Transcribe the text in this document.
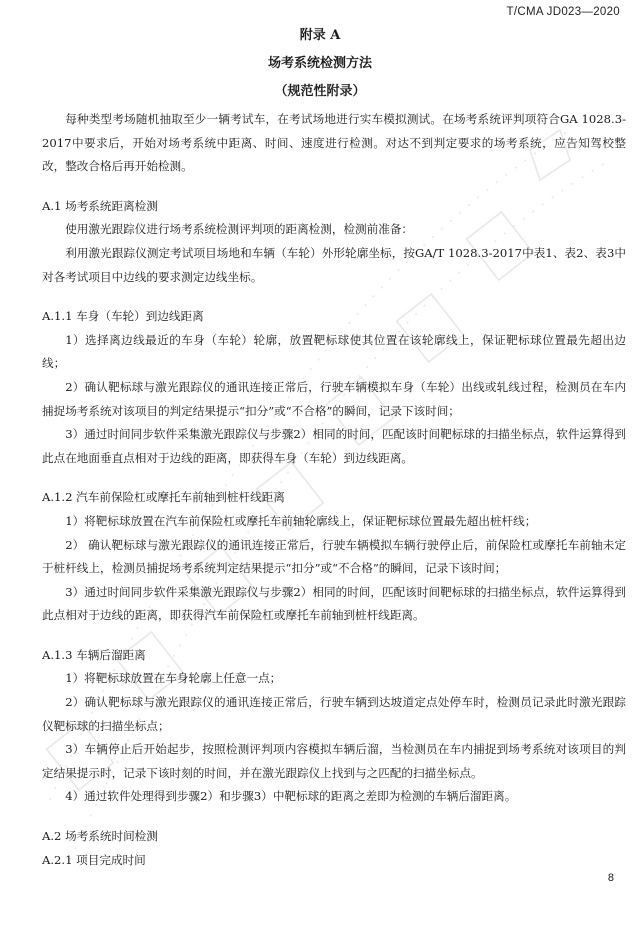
T/CMA JD023—2020
附录 A
场考系统检测方法
（规范性附录）

每种类型考场随机抽取至少一辆考试车，在考试场地进行实车模拟测试。在场考系统评判项符合GA 1028.3-2017中要求后，开始对场考系统中距离、时间、速度进行检测。对达不到判定要求的场考系统，应告知驾校整改，整改合格后再开始检测。

A.1 场考系统距离检测

使用激光跟踪仪进行场考系统检测评判项的距离检测，检测前准备：

利用激光跟踪仪测定考试项目场地和车辆（车轮）外形轮廓坐标，按GA/T 1028.3-2017中表1、表2、表3中对各考试项目中边线的要求测定边线坐标。

A.1.1 车身（车轮）到边线距离

1）选择离边线最近的车身（车轮）轮廓，放置靶标球使其位置在该轮廓线上，保证靶标球位置最先超出边线；

2）确认靶标球与激光跟踪仪的通讯连接正常后，行驶车辆模拟车身（车轮）出线或轧线过程，检测员在车内捕捉场考系统对该项目的判定结果提示“扣分”或“不合格”的瞬间，记录下该时间；

3）通过时间同步软件采集激光跟踪仪与步骤2）相同的时间，匹配该时间靶标球的扫描坐标点，软件运算得到此点在地面垂直点相对于边线的距离，即获得车身（车轮）到边线距离。

A.1.2 汽车前保险杠或摩托车前轴到桩杆线距离

1）将靶标球放置在汽车前保险杠或摩托车前轴轮廓线上，保证靶标球位置最先超出桩杆线；

2） 确认靶标球与激光跟踪仪的通讯连接正常后，行驶车辆模拟车辆行驶停止后，前保险杠或摩托车前轴未定于桩杆线上，检测员捕捉场考系统判定结果提示“扣分”或“不合格”的瞬间，记录下该时间；

3）通过时间同步软件采集激光跟踪仪与步骤2）相同的时间，匹配该时间靶标球的扫描坐标点，软件运算得到此点相对于边线的距离，即获得汽车前保险杠或摩托车前轴到桩杆线距离。

A.1.3 车辆后溜距离

1）将靶标球放置在车身轮廓上任意一点；

2）确认靶标球与激光跟踪仪的通讯连接正常后，行驶车辆到达坡道定点处停车时，检测员记录此时激光跟踪仪靶标球的扫描坐标点；

3）车辆停止后开始起步，按照检测评判项内容模拟车辆后溜，当检测员在车内捕捉到场考系统对该项目的判定结果提示时，记录下该时刻的时间，并在激光跟踪仪上找到与之匹配的扫描坐标点。

4）通过软件处理得到步骤2）和步骤3）中靶标球的距离之差即为检测的车辆后溜距离。

A.2 场考系统时间检测

A.2.1 项目完成时间

8
